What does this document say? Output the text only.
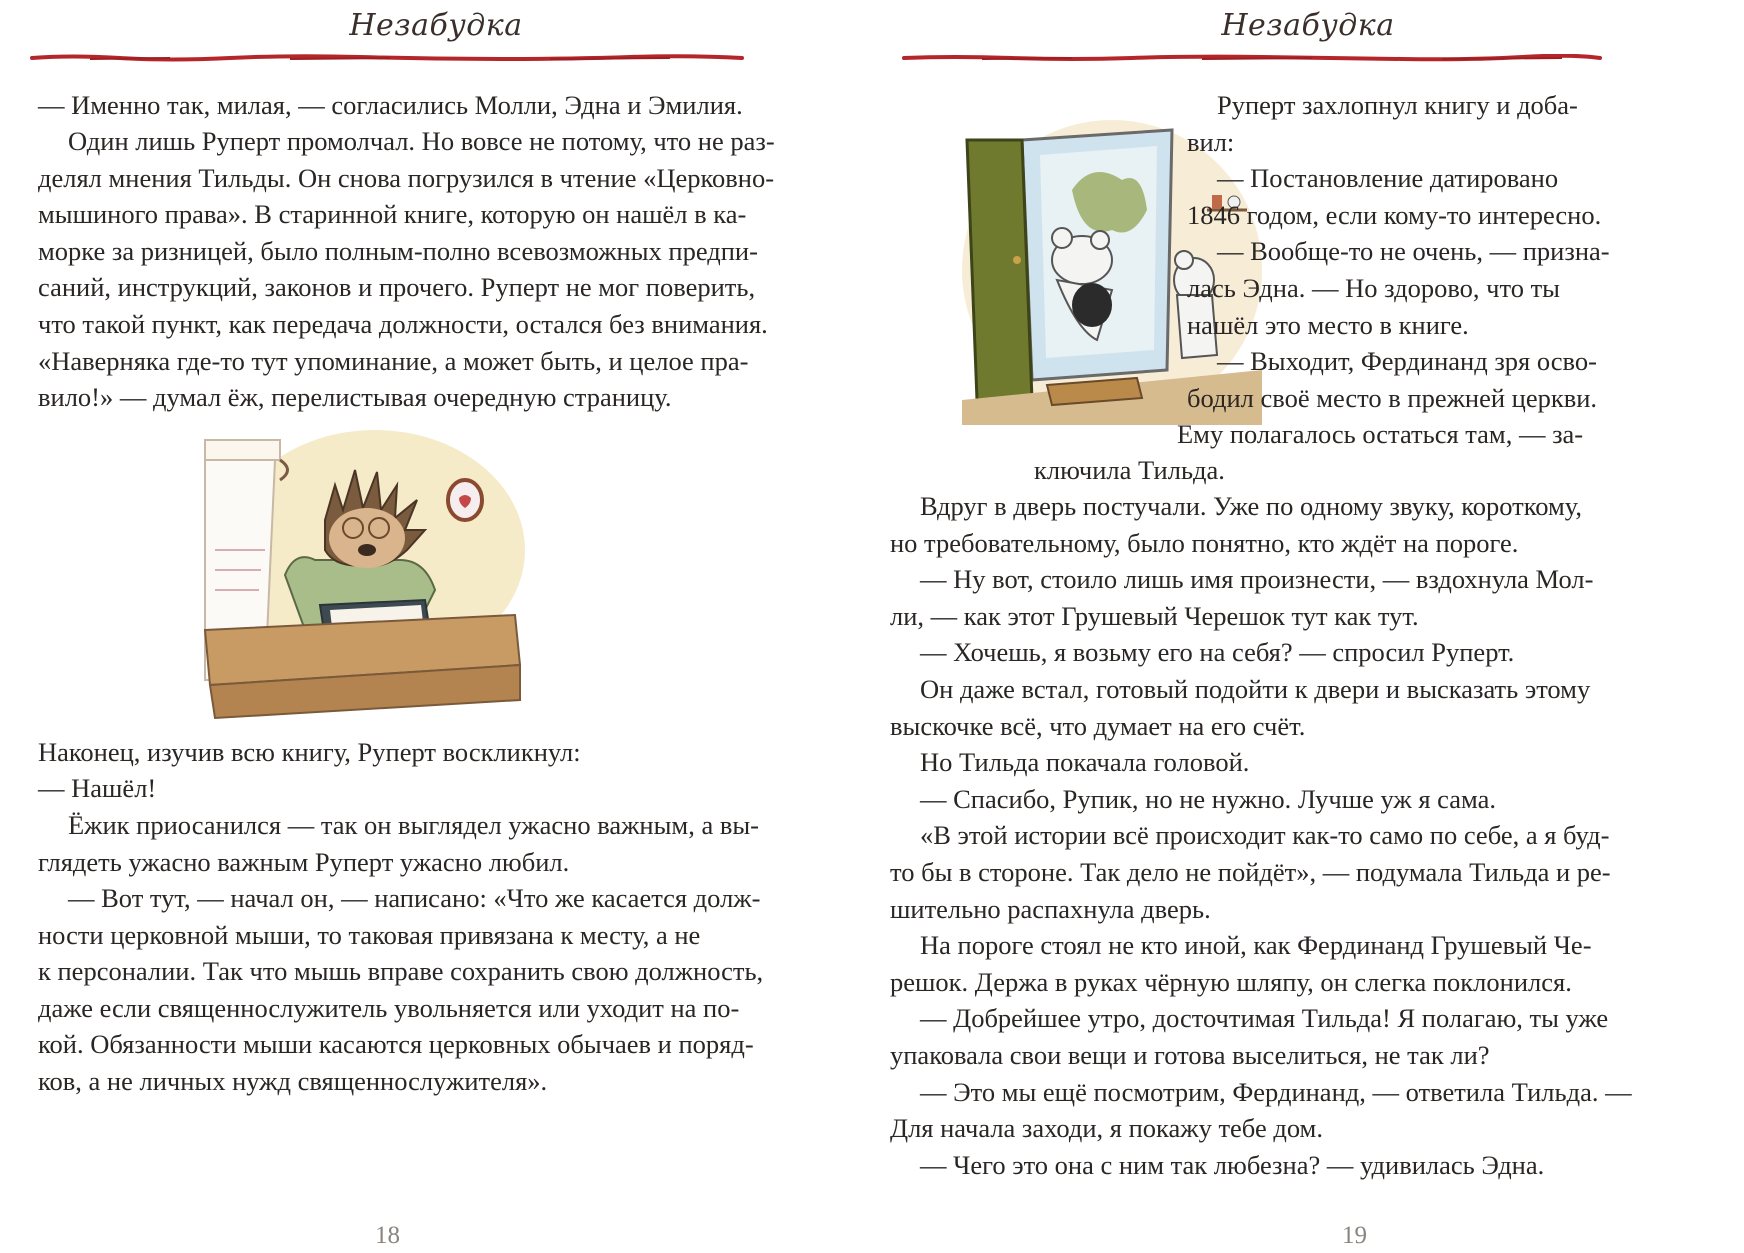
Незабудка
— Именно так, милая, — согласились Молли, Эдна и Эмилия.
Один лишь Руперт промолчал. Но вовсе не потому, что не раз-
делял мнения Тильды. Он снова погрузился в чтение «Церковно-
мышиного права». В старинной книге, которую он нашёл в ка-
морке за ризницей, было полным-полно всевозможных предпи-
саний, инструкций, законов и прочего. Руперт не мог поверить,
что такой пункт, как передача должности, остался без внимания.
«Наверняка где-то тут упоминание, а может быть, и целое пра-
вило!» — думал ёж, перелистывая очередную страницу.
Наконец, изучив всю книгу, Руперт воскликнул:
— Нашёл!
Ёжик приосанился — так он выглядел ужасно важным, а вы-
глядеть ужасно важным Руперт ужасно любил.
— Вот тут, — начал он, — написано: «Что же касается долж-
ности церковной мыши, то таковая привязана к месту, а не
к персоналии. Так что мышь вправе сохранить свою должность,
даже если священнослужитель увольняется или уходит на по-
кой. Обязанности мыши касаются церковных обычаев и поряд-
ков, а не личных нужд священнослужителя».
18
Незабудка
Руперт захлопнул книгу и доба-
вил:
— Постановление датировано
1846 годом, если кому-то интересно.
— Вообще-то не очень, — призна-
лась Эдна. — Но здорово, что ты
нашёл это место в книге.
— Выходит, Фердинанд зря осво-
бодил своё место в прежней церкви.
Ему полагалось остаться там, — за-
ключила Тильда.
Вдруг в дверь постучали. Уже по одному звуку, короткому,
но требовательному, было понятно, кто ждёт на пороге.
— Ну вот, стоило лишь имя произнести, — вздохнула Мол-
ли, — как этот Грушевый Черешок тут как тут.
— Хочешь, я возьму его на себя? — спросил Руперт.
Он даже встал, готовый подойти к двери и высказать этому
выскочке всё, что думает на его счёт.
Но Тильда покачала головой.
— Спасибо, Рупик, но не нужно. Лучше уж я сама.
«В этой истории всё происходит как-то само по себе, а я буд-
то бы в стороне. Так дело не пойдёт», — подумала Тильда и ре-
шительно распахнула дверь.
На пороге стоял не кто иной, как Фердинанд Грушевый Че-
решок. Держа в руках чёрную шляпу, он слегка поклонился.
— Добрейшее утро, досточтимая Тильда! Я полагаю, ты уже
упаковала свои вещи и готова выселиться, не так ли?
— Это мы ещё посмотрим, Фердинанд, — ответила Тильда. —
Для начала заходи, я покажу тебе дом.
— Чего это она с ним так любезна? — удивилась Эдна.
19
